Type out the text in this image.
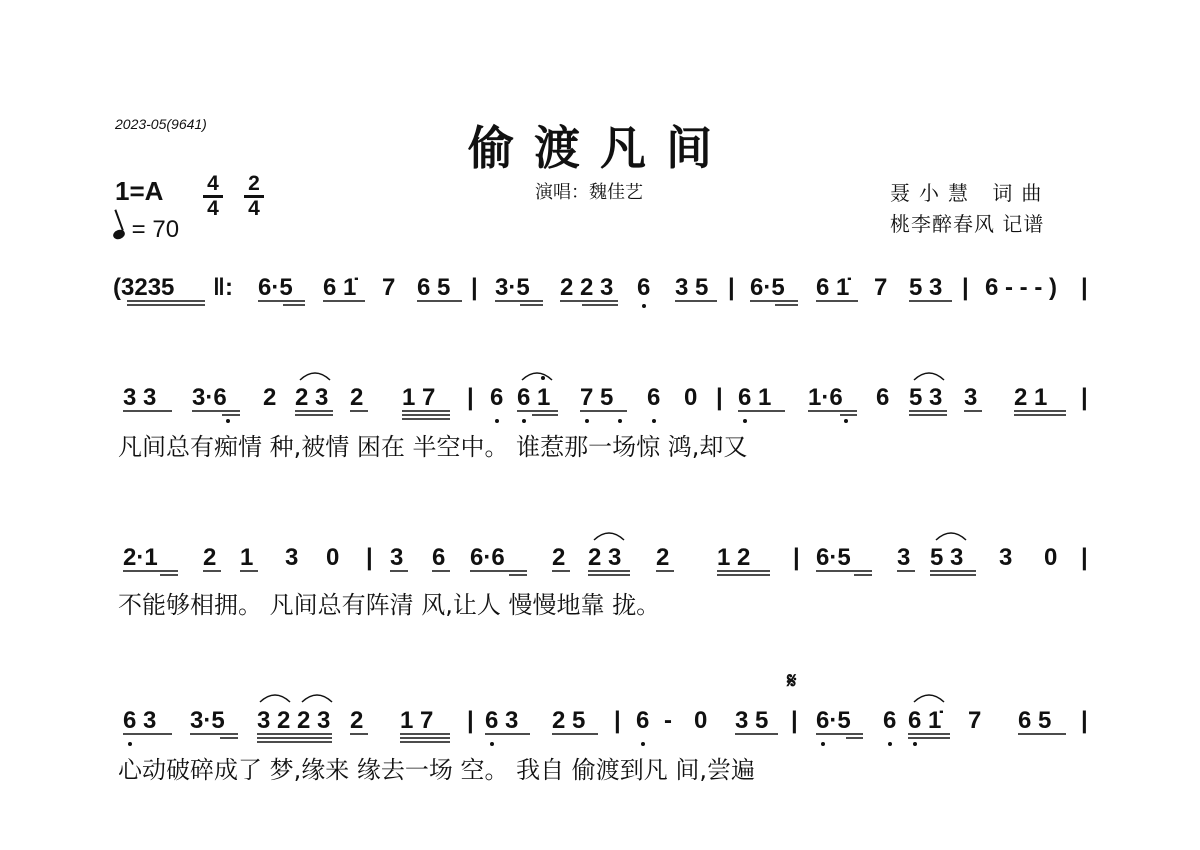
2023-05(9641)	偷渡凡间
1=A 4
4
2
4
= 70
演唱：魏佳艺	聂小慧 词曲
桃李醉春风 记谱
(3235 ‖: 6·5 6 1̇ 7 6 5 | 3·5 2 2 3 6 3 5 | 6·5 6 1̇ 7 5 3 | 6 - - - ) |
3 3 3·6 2 2 3 2 1 7 | 6 6 1 7 5 6 0 | 6 1 1·6 6 5 3 3 2 1 |
凡间总有痴情 种,被情 困在 半空中。 谁惹那一场惊 鸿,却又
2·1 2 1 3 0 | 3 6 6·6 2 2 3 2 1 2 | 6·5 3 5 3 3 0 |
不能够相拥。 凡间总有阵清 风,让人 慢慢地靠 拢。
𝄋
6 3 3·5 3 2 2 3 2 1 7 | 6 3 2 5 | 6 - 0 3 5 | 6·5 6 6 1̇ 7 6 5 |
心动破碎成了 梦,缘来 缘去一场 空。 我自 偷渡到凡 间,尝遍
